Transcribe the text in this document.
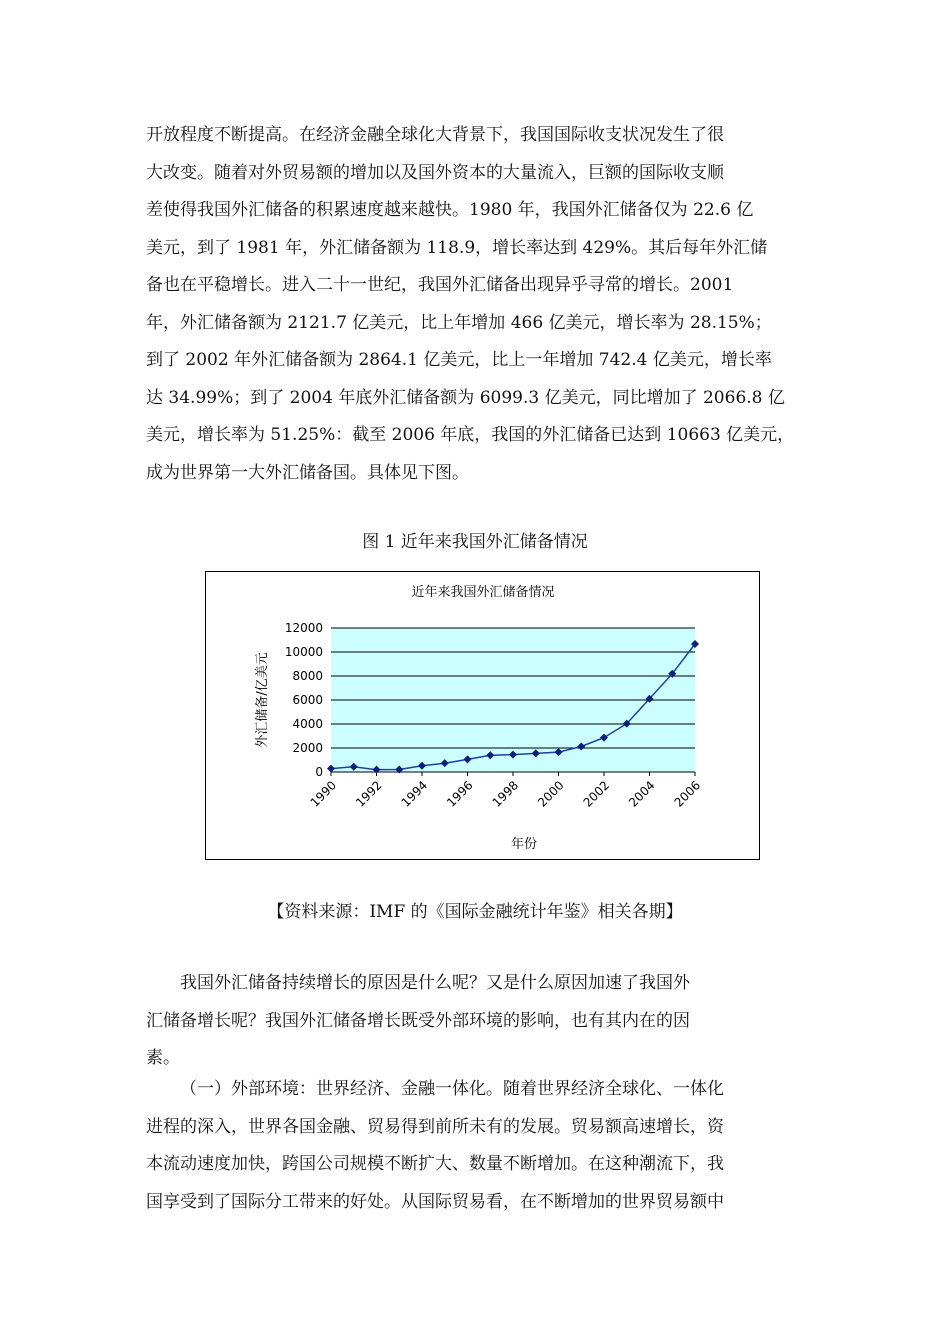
开放程度不断提高。在经济金融全球化大背景下，我国国际收支状况发生了很
大改变。随着对外贸易额的增加以及国外资本的大量流入，巨额的国际收支顺
差使得我国外汇储备的积累速度越来越快。1980 年，我国外汇储备仅为 22.6 亿
美元，到了 1981 年，外汇储备额为 118.9，增长率达到 429%。其后每年外汇储
备也在平稳增长。进入二十一世纪，我国外汇储备出现异乎寻常的增长。2001
年，外汇储备额为 2121.7 亿美元，比上年增加 466 亿美元，增长率为 28.15%；
到了 2002 年外汇储备额为 2864.1 亿美元，比上一年增加 742.4 亿美元，增长率
达 34.99%；到了 2004 年底外汇储备额为 6099.3 亿美元，同比增加了 2066.8 亿
美元，增长率为 51.25%：截至 2006 年底，我国的外汇储备已达到 10663 亿美元，
成为世界第一大外汇储备国。具体见下图。
图 1 近年来我国外汇储备情况
近年来我国外汇储备情况
0
2000
4000
6000
8000
10000
12000
1990 1992 1994 1996 1998 2000 2002 2004 2006
年份
外汇储备/亿美元
【资料来源：IMF 的《国际金融统计年鉴》相关各期】
我国外汇储备持续增长的原因是什么呢？又是什么原因加速了我国外
汇储备增长呢？我国外汇储备增长既受外部环境的影响，也有其内在的因
素。
（一）外部环境：世界经济、金融一体化。随着世界经济全球化、一体化
进程的深入，世界各国金融、贸易得到前所未有的发展。贸易额高速增长，资
本流动速度加快，跨国公司规模不断扩大、数量不断增加。在这种潮流下，我
国享受到了国际分工带来的好处。从国际贸易看，在不断增加的世界贸易额中
